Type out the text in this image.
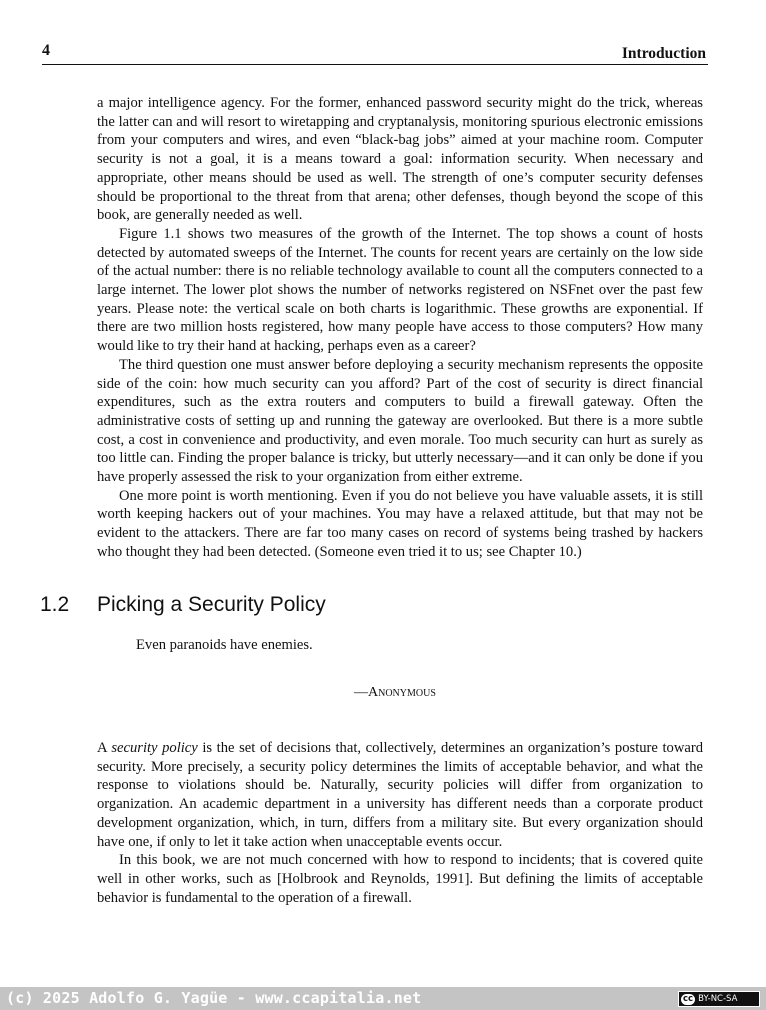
4	Introduction

a major intelligence agency. For the former, enhanced password security might do the trick, whereas the latter can and will resort to wiretapping and cryptanalysis, monitoring spurious electronic emissions from your computers and wires, and even “black-bag jobs” aimed at your machine room. Computer security is not a goal, it is a means toward a goal: information security. When necessary and appropriate, other means should be used as well. The strength of one’s computer security defenses should be proportional to the threat from that arena; other defenses, though beyond the scope of this book, are generally needed as well.

Figure 1.1 shows two measures of the growth of the Internet. The top shows a count of hosts detected by automated sweeps of the Internet. The counts for recent years are certainly on the low side of the actual number: there is no reliable technology available to count all the computers connected to a large internet. The lower plot shows the number of networks registered on NSFnet over the past few years. Please note: the vertical scale on both charts is logarithmic. These growths are exponential. If there are two million hosts registered, how many people have access to those computers? How many would like to try their hand at hacking, perhaps even as a career?

The third question one must answer before deploying a security mechanism represents the opposite side of the coin: how much security can you afford? Part of the cost of security is direct financial expenditures, such as the extra routers and computers to build a firewall gateway. Often the administrative costs of setting up and running the gateway are overlooked. But there is a more subtle cost, a cost in convenience and productivity, and even morale. Too much security can hurt as surely as too little can. Finding the proper balance is tricky, but utterly necessary—and it can only be done if you have properly assessed the risk to your organization from either extreme.

One more point is worth mentioning. Even if you do not believe you have valuable assets, it is still worth keeping hackers out of your machines. You may have a relaxed attitude, but that may not be evident to the attackers. There are far too many cases on record of systems being trashed by hackers who thought they had been detected. (Someone even tried it to us; see Chapter 10.)

1.2 Picking a Security Policy
Even paranoids have enemies.
—Anonymous

A security policy is the set of decisions that, collectively, determines an organization’s posture toward security. More precisely, a security policy determines the limits of acceptable behavior, and what the response to violations should be. Naturally, security policies will differ from organization to organization. An academic department in a university has different needs than a corporate product development organization, which, in turn, differs from a military site. But every organization should have one, if only to let it take action when unacceptable events occur.

In this book, we are not much concerned with how to respond to incidents; that is covered quite well in other works, such as [Holbrook and Reynolds, 1991]. But defining the limits of acceptable behavior is fundamental to the operation of a firewall.

(c) 2025 Adolfo G. Yagüe - www.ccapitalia.net	cc BY-NC-SA
